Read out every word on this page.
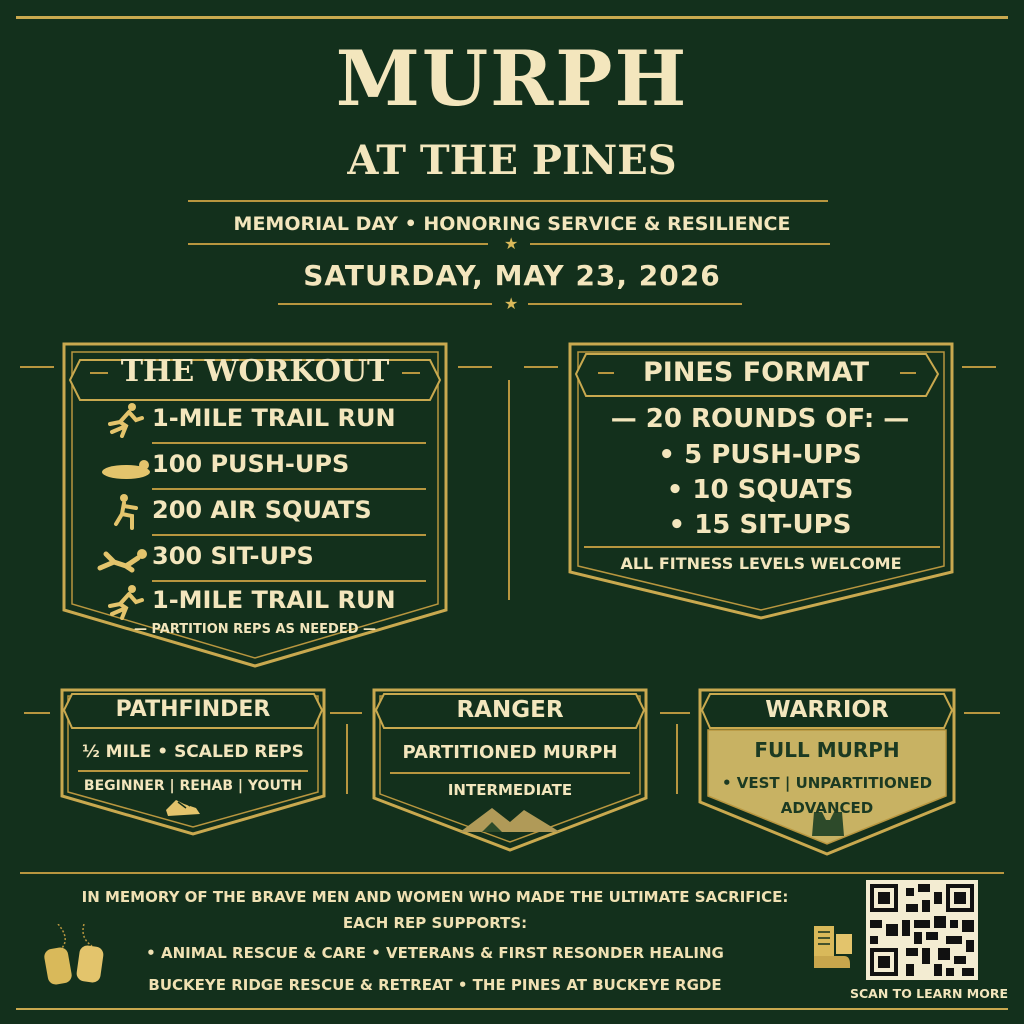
MURPH
AT THE PINES
MEMORIAL DAY • HONORING SERVICE & RESILIENCE
★
SATURDAY, MAY 23, 2026
★
THE WORKOUT
1-MILE TRAIL RUN
100 PUSH-UPS
200 AIR SQUATS
300 SIT-UPS
1-MILE TRAIL RUN
— PARTITION REPS AS NEEDED —
PINES FORMAT
— 20 ROUNDS OF: —
• 5 PUSH-UPS
• 10 SQUATS
• 15 SIT-UPS
ALL FITNESS LEVELS WELCOME
PATHFINDER
½ MILE • SCALED REPS
BEGINNER | REHAB | YOUTH
RANGER
PARTITIONED MURPH
INTERMEDIATE
WARRIOR
FULL MURPH
• VEST | UNPARTITIONED
ADVANCED
IN MEMORY OF THE BRAVE MEN AND WOMEN WHO MADE THE ULTIMATE SACRIFICE:
EACH REP SUPPORTS:
• ANIMAL RESCUE & CARE • VETERANS & FIRST RESONDER HEALING
BUCKEYE RIDGE RESCUE & RETREAT • THE PINES AT BUCKEYE RGDE	SCAN TO LEARN MORE
